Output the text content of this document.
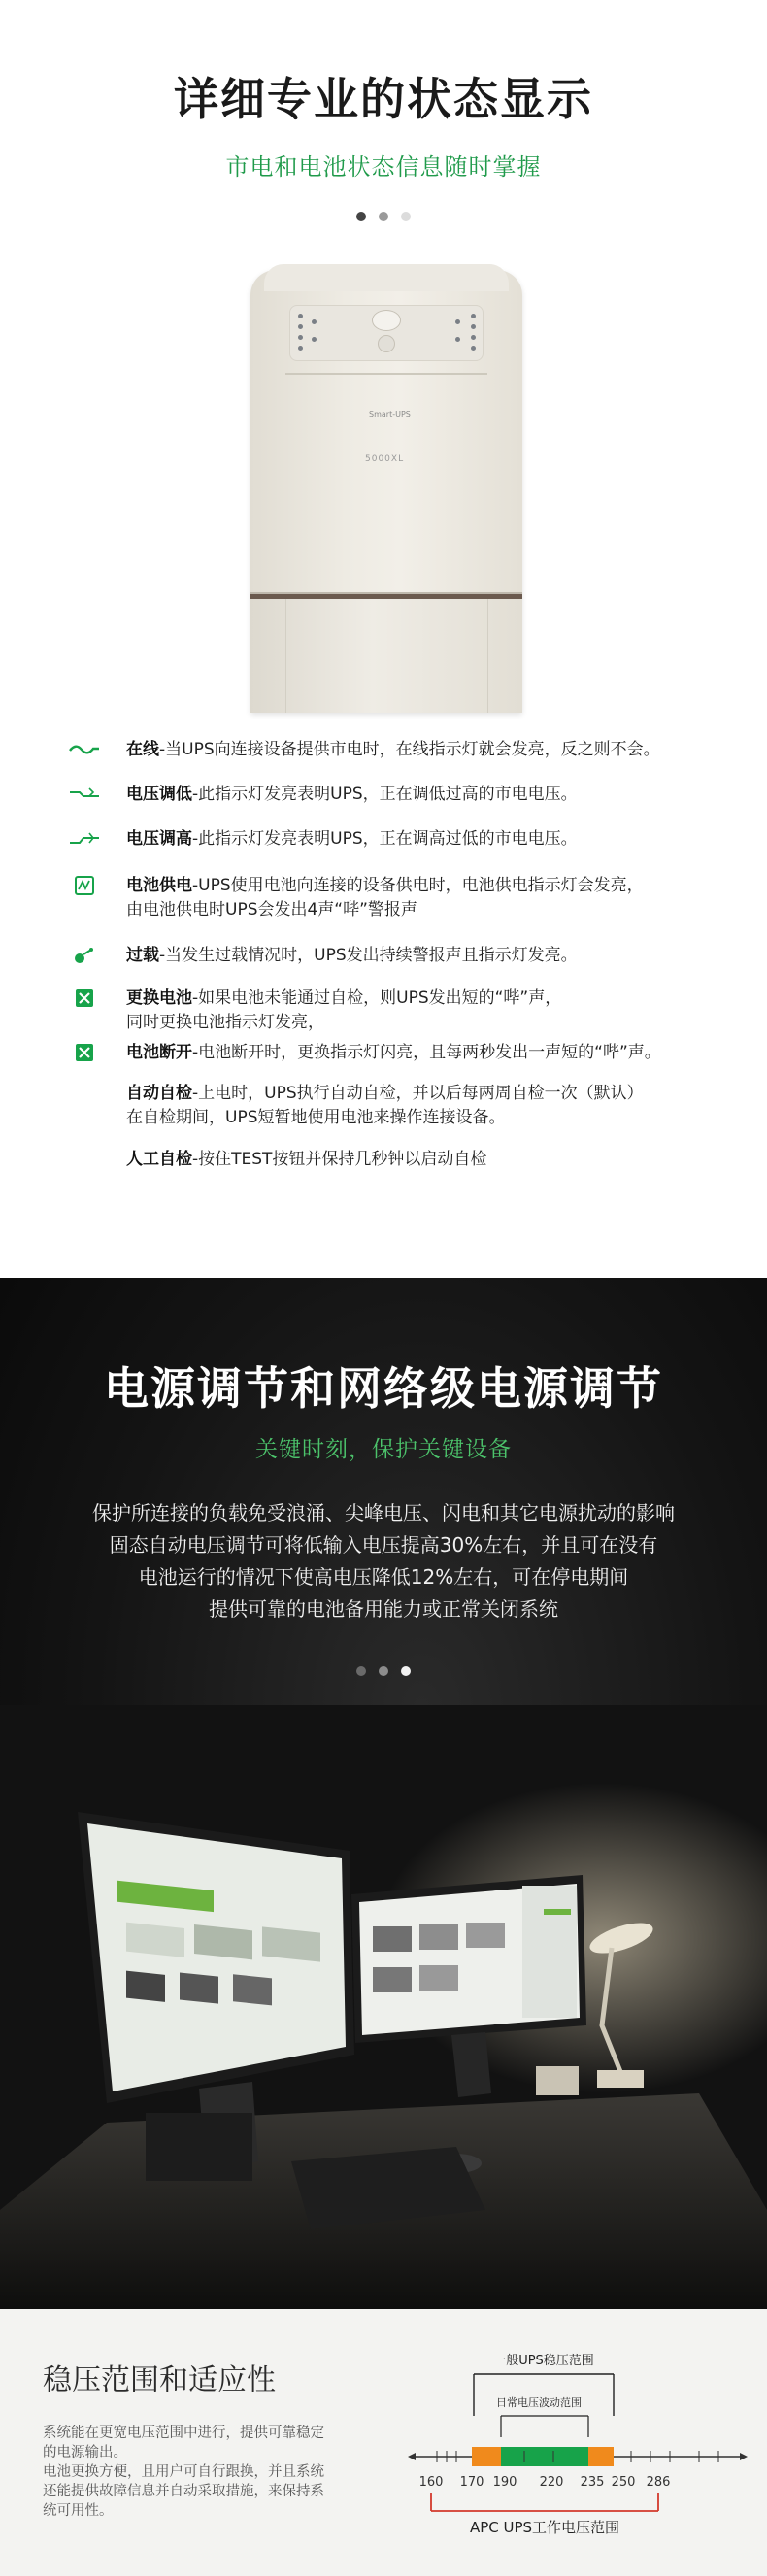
详细专业的状态显示
市电和电池状态信息随时掌握
Smart-UPS
5000XL
在线-当UPS向连接设备提供市电时，在线指示灯就会发亮，反之则不会。
电压调低-此指示灯发亮表明UPS，正在调低过高的市电电压。
电压调高-此指示灯发亮表明UPS，正在调高过低的市电电压。
电池供电-UPS使用电池向连接的设备供电时，电池供电指示灯会发亮，
由电池供电时UPS会发出4声“哔”警报声
过载-当发生过载情况时，UPS发出持续警报声且指示灯发亮。
更换电池-如果电池未能通过自检，则UPS发出短的“哔”声，
同时更换电池指示灯发亮，
电池断开-电池断开时，更换指示灯闪亮，且每两秒发出一声短的“哔”声。
自动自检-上电时，UPS执行自动自检，并以后每两周自检一次（默认）
在自检期间，UPS短暂地使用电池来操作连接设备。
人工自检-按住TEST按钮并保持几秒钟以启动自检
电源调节和网络级电源调节
关键时刻，保护关键设备
保护所连接的负载免受浪涌、尖峰电压、闪电和其它电源扰动的影响
固态自动电压调节可将低输入电压提高30%左右，并且可在没有
电池运行的情况下使高电压降低12%左右，可在停电期间
提供可靠的电池备用能力或正常关闭系统
稳压范围和适应性
系统能在更宽电压范围中进行，提供可靠稳定
的电源输出。
电池更换方便，且用户可自行跟换，并且系统
还能提供故障信息并自动采取措施，来保持系
统可用性。
一般UPS稳压范围
日常电压波动范围
160 170 190 220 235 250 286
APC UPS工作电压范围
